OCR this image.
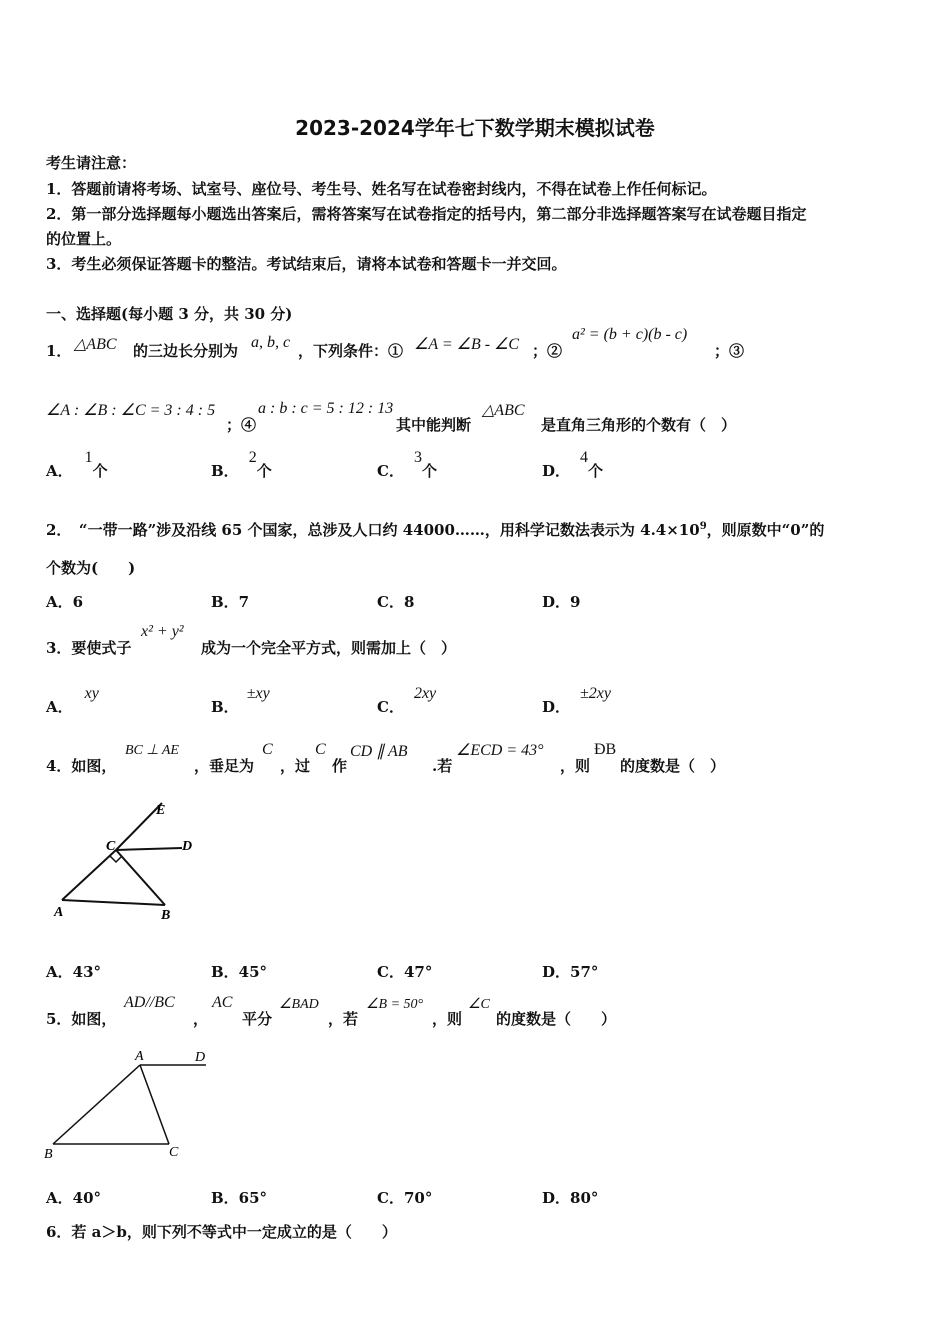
2023-2024学年七下数学期末模拟试卷
考生请注意：
1．答题前请将考场、试室号、座位号、考生号、姓名写在试卷密封线内，不得在试卷上作任何标记。
2．第一部分选择题每小题选出答案后，需将答案写在试卷指定的括号内，第二部分非选择题答案写在试卷题目指定
的位置上。
3．考生必须保证答题卡的整洁。考试结束后，请将本试卷和答题卡一并交回。
一、选择题(每小题 3 分，共 30 分)
1． △ABC 的三边长分别为 a, b, c ，下列条件：① ∠A = ∠B - ∠C ；②
a² = (b + c)(b - c)
；③
∠A : ∠B : ∠C = 3 : 4 : 5
；④
a : b : c = 5 : 12 : 13
其中能判断
△ABC
是直角三角形的个数有（　）
A．1个	B．2个	C．3个	D．4个
2．　“一带一路”涉及沿线 65 个国家，总涉及人口约 44000……，用科学记数法表示为 $4.4\times 10^9$，则原数中“0”的
个数为(　　)
A．6	B．7	C．8	D．9
3．要使式子
x² + y²
成为一个完全平方式，则需加上（　）
A．xy
B．±xy
C．2xy
D．±2xy
4．如图，
BC ⊥ AE
，垂足为
C
，过
C
作
CD ∥ AB
.若
∠ECD = 43°
，则
ÐB
的度数是（　）
E
C	D
A	B
A．43°	B．45°	C．47°	D．57°
5．如图，
AD//BC
，
AC
平分
∠BAD
，若
∠B = 50°
，则
∠C
的度数是（　　）
A	D
B	C
A．40°	B．65°	C．70°	D．80°
6．若 a＞b，则下列不等式中一定成立的是（　　）
